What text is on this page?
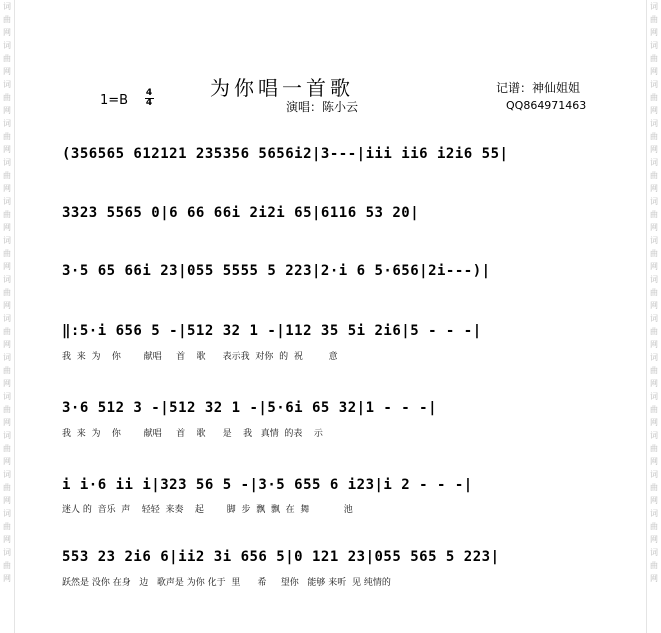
词
曲
网
词
曲
网
词
曲
网
词
曲
网
词
曲
网
词
曲
网
词
曲
网
词
曲
网
词
曲
网
词
曲
网
词
曲
网
词
曲
网
词
曲
网
词
曲
网
词
曲
网
词
曲
网
词
曲
网
词
曲
网
词
曲
网
词
曲
网
词
曲
网
词
曲
网
词
曲
网
词
曲
网
词
曲
网
词
曲
网
词
曲
网
词
曲
网
词
曲
网
词
曲
网
为你唱一首歌
1=B	4
4	演唱：陈小云
记谱：神仙姐姐
QQ864971463
(356565 612121 235356 5656i2|3---|iii ii6 i2i6 55|
3323 5565 0|6 66 66i 2i2i 65|6116 53 20|
3·5 65 66i 23|055 5555 5 223|2·i 6 5·656|2i---)|
‖:5·i 656 5 -|512 32 1 -|112 35 5i 2i6|5 - - -|
我  来  为    你        献唱     首    歌      表示我  对你  的  祝         意
3·6 512 3 -|512 32 1 -|5·6i 65 32|1 - - -|
我  来  为    你        献唱     首    歌      是    我   真情  的表    示
i i·6 ii i|323 56 5 -|3·5 655 6 i23|i 2 - - -|
迷人 的  音乐  声    轻轻  来奏    起        脚  步  飘  飘  在  舞            池
553 23 2i6 6|ii2 3i 656 5|0 121 23|055 565 5 223|
跃然是 没你 在身   边   歌声是 为你 化于  里      希     望你   能够 来听  见 纯情的
